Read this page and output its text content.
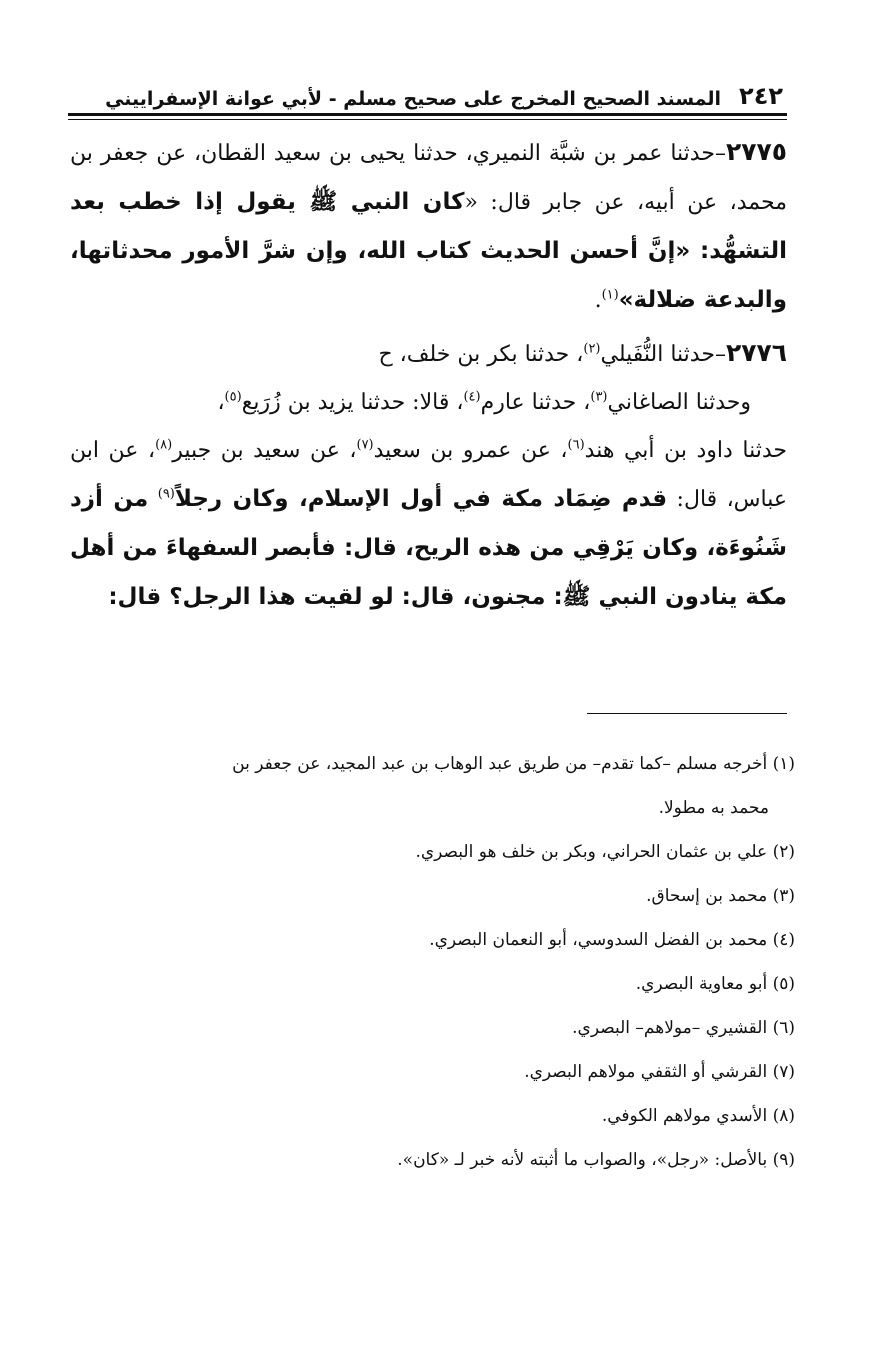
٢٤٢
المسند الصحيح المخرج على صحيح مسلم - لأبي عوانة الإسفراييني

٢٧٧٥–حدثنا عمر بن شبَّة النميري، حدثنا يحيى بن سعيد القطان، عن جعفر بن محمد، عن أبيه، عن جابر قال: «كان النبي ﷺ يقول إذا خطب بعد التشهُّد: «إنَّ أحسن الحديث كتاب الله، وإن شرَّ الأمور محدثاتها، والبدعة ضلالة»$^{(١)}$.

٢٧٧٦–حدثنا النُّفَيلي$^{(٢)}$، حدثنا بكر بن خلف، ح
وحدثنا الصاغاني$^{(٣)}$، حدثنا عارم$^{(٤)}$، قالا: حدثنا يزيد بن زُرَيع$^{(٥)}$،
حدثنا داود بن أبي هند$^{(٦)}$، عن عمرو بن سعيد$^{(٧)}$، عن سعيد بن جبير$^{(٨)}$، عن ابن عباس، قال: قدم ضِمَاد مكة في أول الإسلام، وكان رجلاً$^{(٩)}$ من أزد شَنُوءَة، وكان يَرْقِي من هذه الريح، قال: فأبصر السفهاءَ من أهل مكة ينادون النبي ﷺ: مجنون، قال: لو لقيت هذا الرجل؟ قال:

(١) أخرجه مسلم –كما تقدم– من طريق عبد الوهاب بن عبد المجيد، عن جعفر بن
محمد به مطولا.
(٢) علي بن عثمان الحراني، وبكر بن خلف هو البصري.
(٣) محمد بن إسحاق.
(٤) محمد بن الفضل السدوسي، أبو النعمان البصري.
(٥) أبو معاوية البصري.
(٦) القشيري –مولاهم– البصري.
(٧) القرشي أو الثقفي مولاهم البصري.
(٨) الأسدي مولاهم الكوفي.
(٩) بالأصل: «رجل»، والصواب ما أثبته لأنه خبر لـ «كان».
